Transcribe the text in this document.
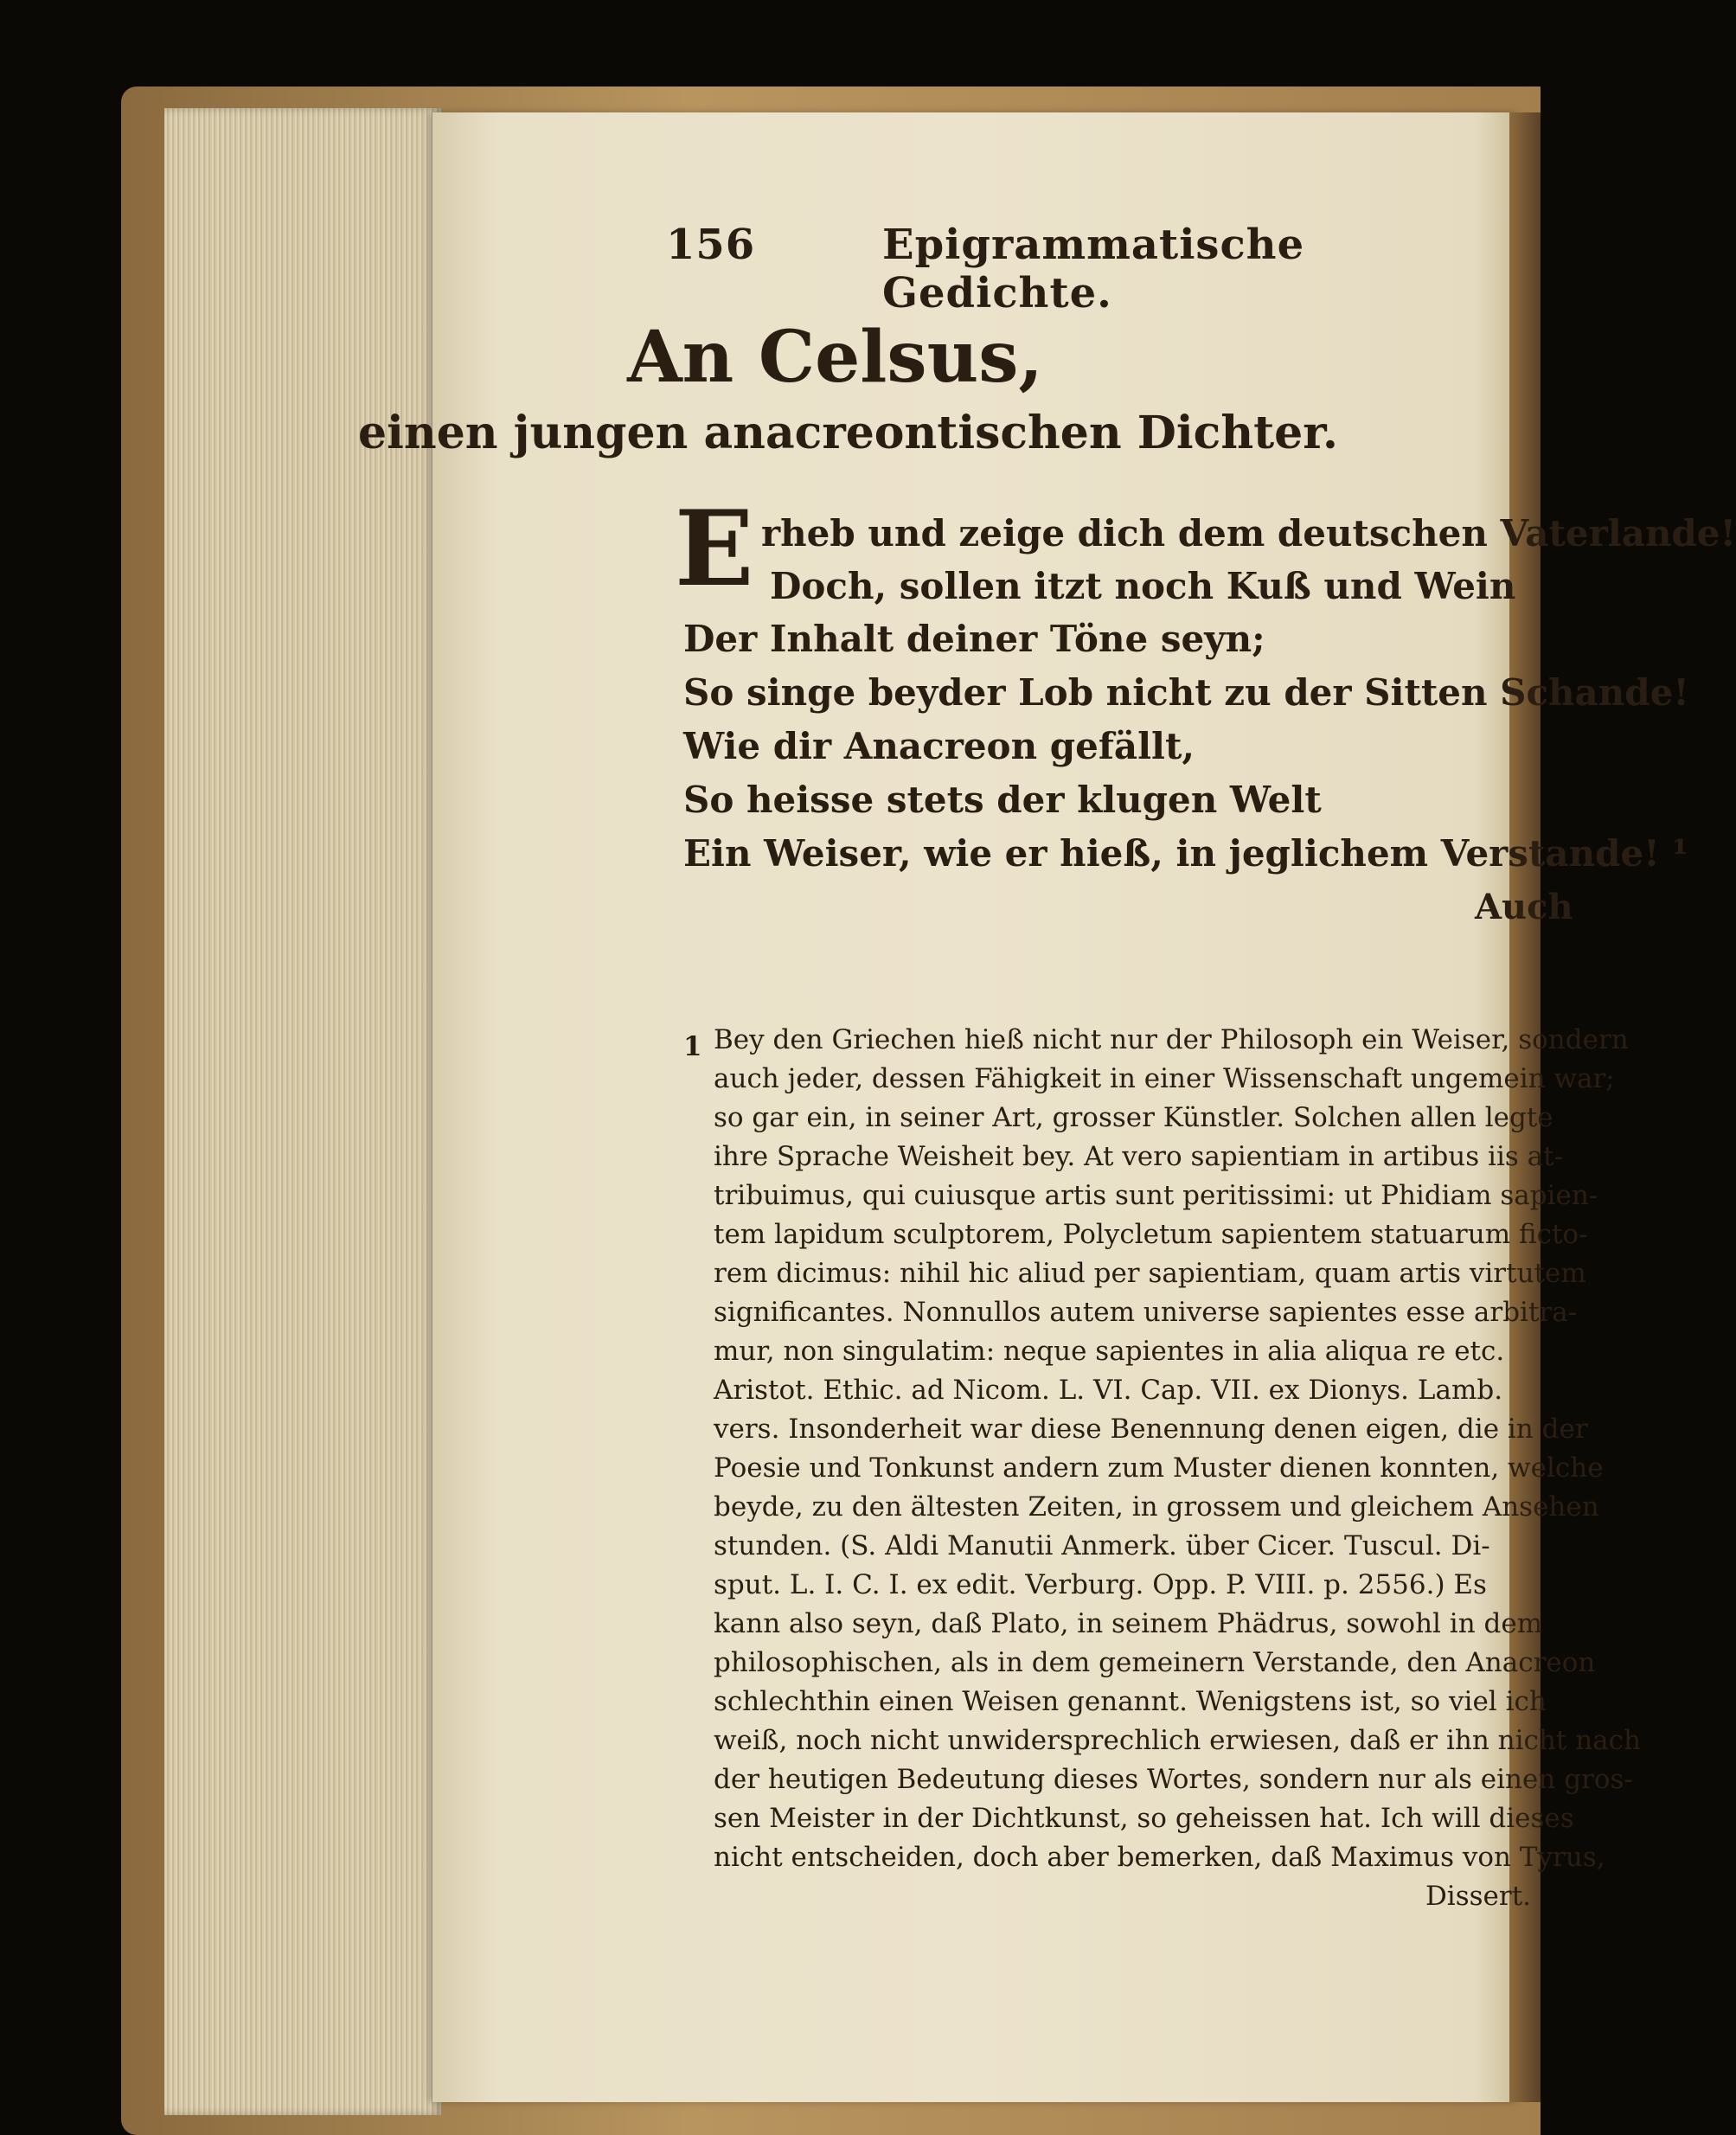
156	Epigrammatische Gedichte.
An Celsus,
einen jungen anacreontischen Dichter.
E rheb und zeige dich dem deutschen Vaterlande!
Doch, sollen itzt noch Kuß und Wein
Der Inhalt deiner Töne seyn;
So singe beyder Lob nicht zu der Sitten Schande!
Wie dir Anacreon gefällt,
So heisse stets der klugen Welt
Ein Weiser, wie er hieß, in jeglichem Verstande! ¹
Auch
1 Bey den Griechen hieß nicht nur der Philosoph ein Weiser, sondern
auch jeder, dessen Fähigkeit in einer Wissenschaft ungemein war;
so gar ein, in seiner Art, grosser Künstler. Solchen allen legte
ihre Sprache Weisheit bey. At vero sapientiam in artibus iis at-
tribuimus, qui cuiusque artis sunt peritissimi: ut Phidiam sapien-
tem lapidum sculptorem, Polycletum sapientem statuarum ficto-
rem dicimus: nihil hic aliud per sapientiam, quam artis virtutem
significantes. Nonnullos autem universe sapientes esse arbitra-
mur, non singulatim: neque sapientes in alia aliqua re etc.
Aristot. Ethic. ad Nicom. L. VI. Cap. VII. ex Dionys. Lamb.
vers. Insonderheit war diese Benennung denen eigen, die in der
Poesie und Tonkunst andern zum Muster dienen konnten, welche
beyde, zu den ältesten Zeiten, in grossem und gleichem Ansehen
stunden. (S. Aldi Manutii Anmerk. über Cicer. Tuscul. Di-
sput. L. I. C. I. ex edit. Verburg. Opp. P. VIII. p. 2556.) Es
kann also seyn, daß Plato, in seinem Phädrus, sowohl in dem
philosophischen, als in dem gemeinern Verstande, den Anacreon
schlechthin einen Weisen genannt. Wenigstens ist, so viel ich
weiß, noch nicht unwidersprechlich erwiesen, daß er ihn nicht nach
der heutigen Bedeutung dieses Wortes, sondern nur als einen gros-
sen Meister in der Dichtkunst, so geheissen hat. Ich will dieses
nicht entscheiden, doch aber bemerken, daß Maximus von Tyrus,
Dissert.
